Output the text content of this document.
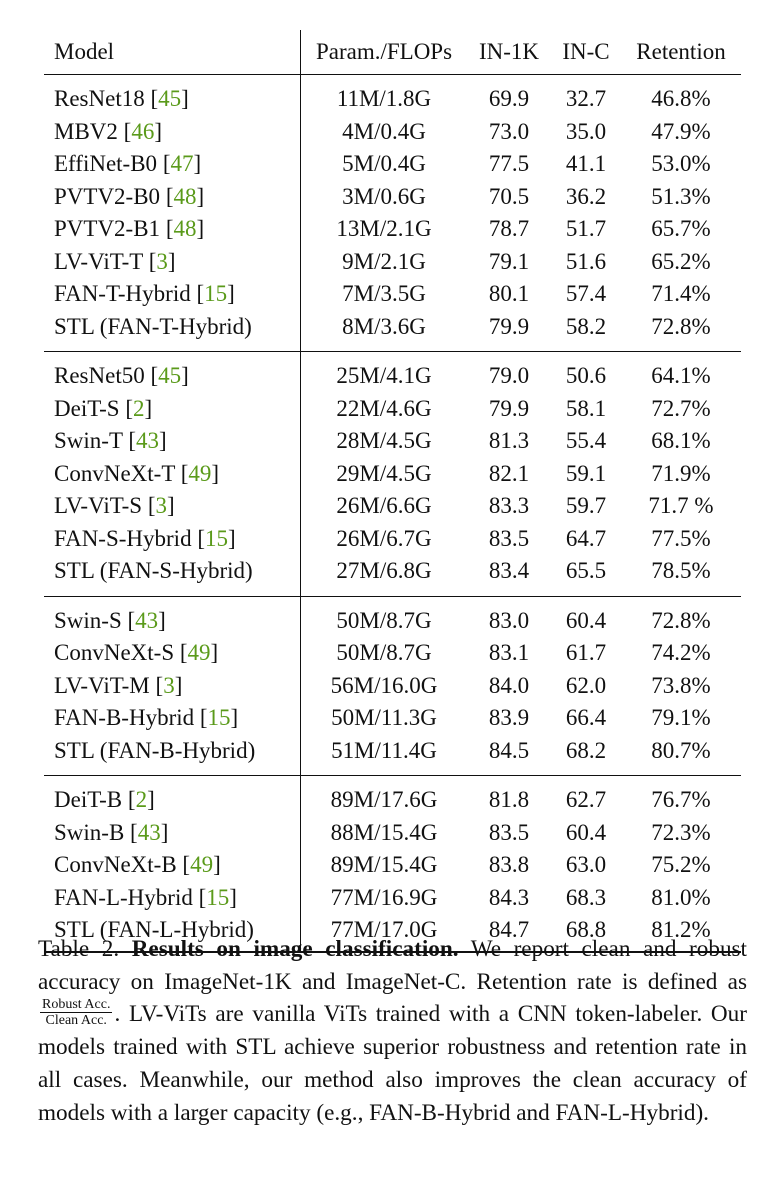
Model	Param./FLOPs	IN-1K	IN-C	Retention

ResNet18 [45]	11M/1.8G	69.9	32.7	46.8%
MBV2 [46]	4M/0.4G	73.0	35.0	47.9%
EffiNet-B0 [47]	5M/0.4G	77.5	41.1	53.0%
PVTV2-B0 [48]	3M/0.6G	70.5	36.2	51.3%
PVTV2-B1 [48]	13M/2.1G	78.7	51.7	65.7%
LV-ViT-T [3]	9M/2.1G	79.1	51.6	65.2%
FAN-T-Hybrid [15]	7M/3.5G	80.1	57.4	71.4%
STL (FAN-T-Hybrid)	8M/3.6G	79.9	58.2	72.8%

ResNet50 [45]	25M/4.1G	79.0	50.6	64.1%
DeiT-S [2]	22M/4.6G	79.9	58.1	72.7%
Swin-T [43]	28M/4.5G	81.3	55.4	68.1%
ConvNeXt-T [49]	29M/4.5G	82.1	59.1	71.9%
LV-ViT-S [3]	26M/6.6G	83.3	59.7	71.7 %
FAN-S-Hybrid [15]	26M/6.7G	83.5	64.7	77.5%
STL (FAN-S-Hybrid)	27M/6.8G	83.4	65.5	78.5%

Swin-S [43]	50M/8.7G	83.0	60.4	72.8%
ConvNeXt-S [49]	50M/8.7G	83.1	61.7	74.2%
LV-ViT-M [3]	56M/16.0G	84.0	62.0	73.8%
FAN-B-Hybrid [15]	50M/11.3G	83.9	66.4	79.1%
STL (FAN-B-Hybrid)	51M/11.4G	84.5	68.2	80.7%

DeiT-B [2]	89M/17.6G	81.8	62.7	76.7%
Swin-B [43]	88M/15.4G	83.5	60.4	72.3%
ConvNeXt-B [49]	89M/15.4G	83.8	63.0	75.2%
FAN-L-Hybrid [15]	77M/16.9G	84.3	68.3	81.0%
STL (FAN-L-Hybrid)	77M/17.0G	84.7	68.8	81.2%

Table 2. Results on image classification. We report clean and robust accuracy on ImageNet-1K and ImageNet-C. Retention rate is defined as
$\frac{\text{Robust Acc.}}{\text{Clean Acc.}}$ . LV-ViTs are vanilla ViTs trained with a CNN token-labeler. Our models trained with STL achieve superior robustness and retention rate in all cases. Meanwhile, our method also improves the clean accuracy of models with a larger capacity (e.g., FAN-B-Hybrid and FAN-L-Hybrid).
